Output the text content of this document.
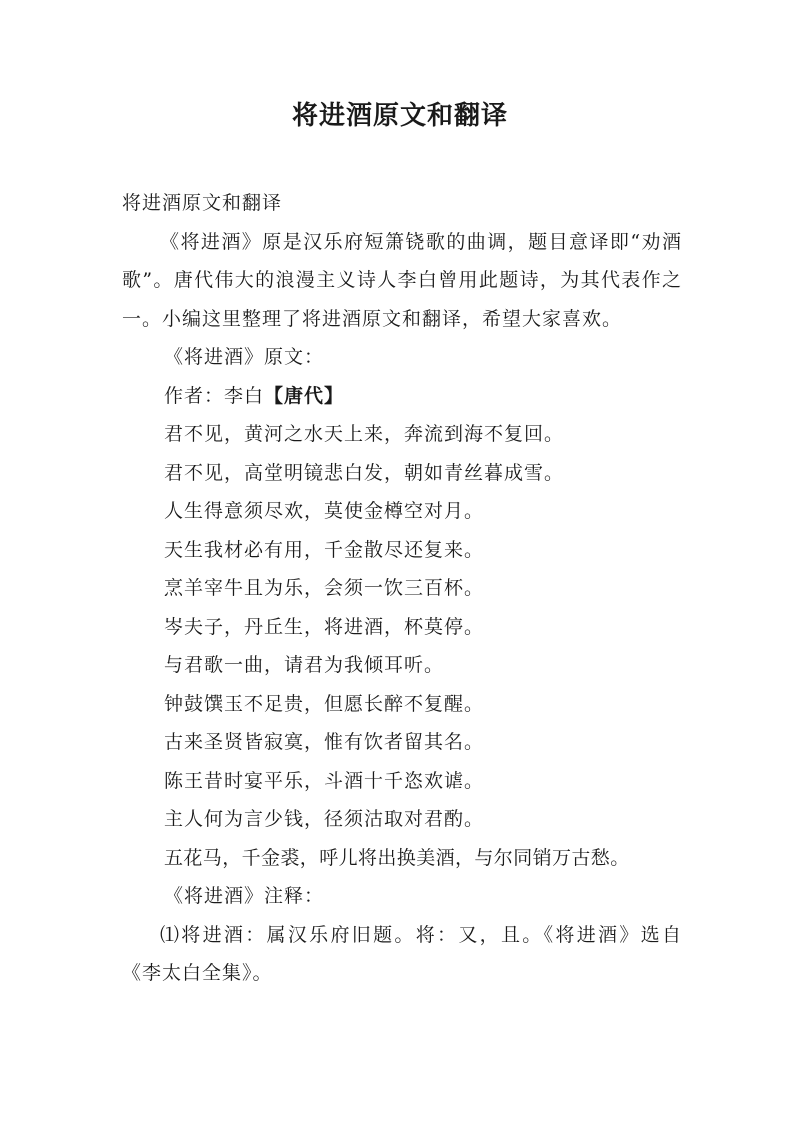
将进酒原文和翻译

将进酒原文和翻译

《将进酒》原是汉乐府短箫铙歌的曲调，题目意译即“劝酒歌”。唐代伟大的浪漫主义诗人李白曾用此题诗，为其代表作之一。小编这里整理了将进酒原文和翻译，希望大家喜欢。

《将进酒》原文：

作者：李白【唐代】

君不见，黄河之水天上来，奔流到海不复回。

君不见，高堂明镜悲白发，朝如青丝暮成雪。

人生得意须尽欢，莫使金樽空对月。

天生我材必有用，千金散尽还复来。

烹羊宰牛且为乐，会须一饮三百杯。

岑夫子，丹丘生，将进酒，杯莫停。

与君歌一曲，请君为我倾耳听。

钟鼓馔玉不足贵，但愿长醉不复醒。

古来圣贤皆寂寞，惟有饮者留其名。

陈王昔时宴平乐，斗酒十千恣欢谑。

主人何为言少钱，径须沽取对君酌。

五花马，千金裘，呼儿将出换美酒，与尔同销万古愁。

《将进酒》注释：

⑴将进酒：属汉乐府旧题。将：又，且。《将进酒》选自《李太白全集》。
